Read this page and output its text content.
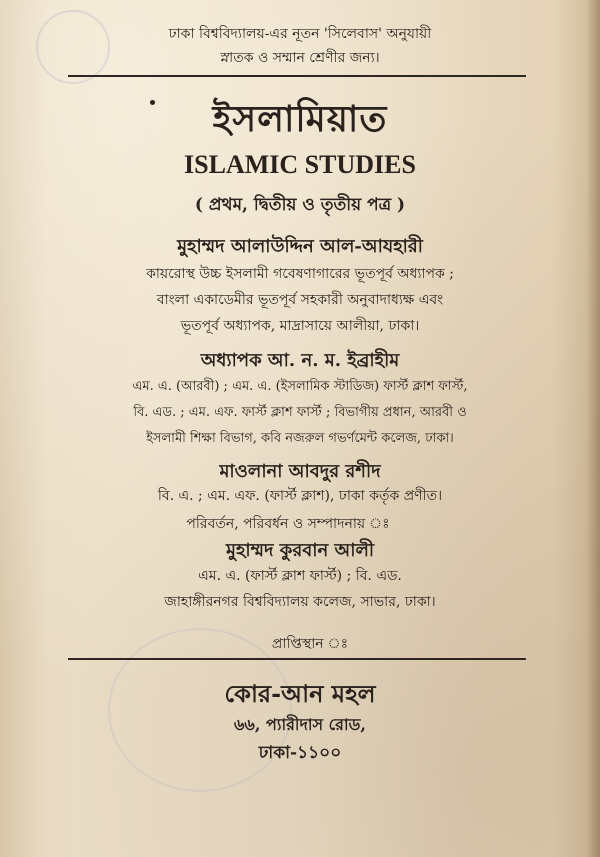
ঢাকা বিশ্ববিদ্যালয়-এর নূতন 'সিলেবাস' অনুযায়ী
স্নাতক ও সম্মান শ্রেণীর জন্য।
ইসলামিয়াত
ISLAMIC STUDIES
( প্রথম, দ্বিতীয় ও তৃতীয় পত্র )
মুহাম্মদ আলাউদ্দিন আল-আযহারী
কায়রোস্থ উচ্চ ইসলামী গবেষণাগারের ভূতপূর্ব অধ্যাপক ;
বাংলা একাডেমীর ভূতপূর্ব সহকারী অনুবাদাধ্যক্ষ এবং
ভূতপূর্ব অধ্যাপক, মাদ্রাসায়ে আলীয়া, ঢাকা।
অধ্যাপক আ. ন. ম. ইব্রাহীম
এম. এ. (আরবী) ; এম. এ. (ইসলামিক স্টাডিজ) ফার্স্ট ক্লাশ ফার্স্ট,
বি. এড. ; এম. এফ. ফার্স্ট ক্লাশ ফার্স্ট ; বিভাগীয় প্রধান, আরবী ও
ইসলামী শিক্ষা বিভাগ, কবি নজরুল গভর্ণমেন্ট কলেজ, ঢাকা।
মাওলানা আবদুর রশীদ
বি. এ. ; এম. এফ. (ফার্স্ট ক্লাশ), ঢাকা কর্তৃক প্রণীত।
পরিবর্তন, পরিবর্ধন ও সম্পাদনায় ঃ
মুহাম্মদ কুরবান আলী
এম. এ. (ফার্স্ট ক্লাশ ফার্স্ট) ; বি. এড.
জাহাঙ্গীরনগর বিশ্ববিদ্যালয় কলেজ, সাভার, ঢাকা।
প্রাপ্তিস্থান ঃ
কোর-আন মহল
৬৬, প্যারীদাস রোড,
ঢাকা-১১০০
